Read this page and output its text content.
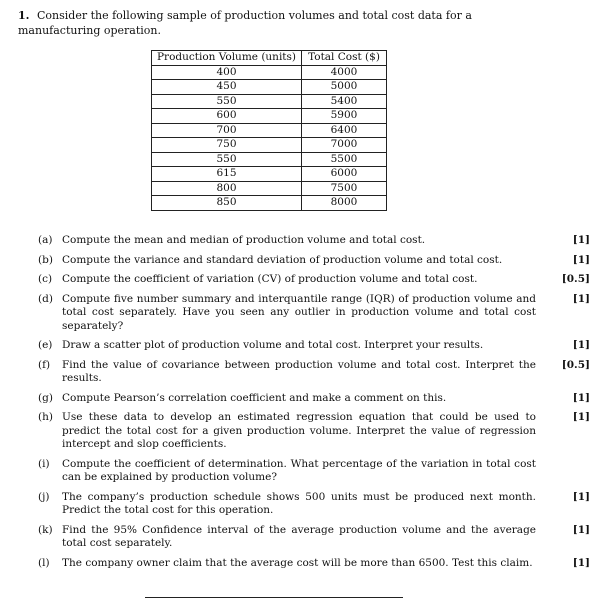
1. Consider the following sample of production volumes and total cost data for a manufacturing operation.
Production Volume (units)	Total Cost ($)
400	4000
450	5000
550	5400
600	5900
700	6400
750	7000
550	5500
615	6000
800	7500
850	8000
(a) Compute the mean and median of production volume and total cost.	[1]
(b) Compute the variance and standard deviation of production volume and total cost.	[1]
(c) Compute the coefficient of variation (CV) of production volume and total cost.	[0.5]
(d) Compute five number summary and interquantile range (IQR) of production volume and total cost separately. Have you seen any outlier in production volume and total cost separately?
[1]
(e) Draw a scatter plot of production volume and total cost. Interpret your results.	[1]
(f)	Find the value of covariance between production volume and total cost. Interpret the results.
[0.5]
(g) Compute Pearson’s correlation coefficient and make a comment on this.	[1]
(h) Use these data to develop an estimated regression equation that could be used to predict the total cost for a given production volume. Interpret the value of regression intercept and slop coefficients.
[1]
(i)	Compute the coefficient of determination. What percentage of the variation in total cost can be explained by production volume?
(j)	The company’s production schedule shows 500 units must be produced next month. Predict the total cost for this operation.
[1]
(k) Find the 95% Confidence interval of the average production volume and the average total cost separately.
[1]
(l)	The company owner claim that the average cost will be more than 6500. Test this claim.	[1]
